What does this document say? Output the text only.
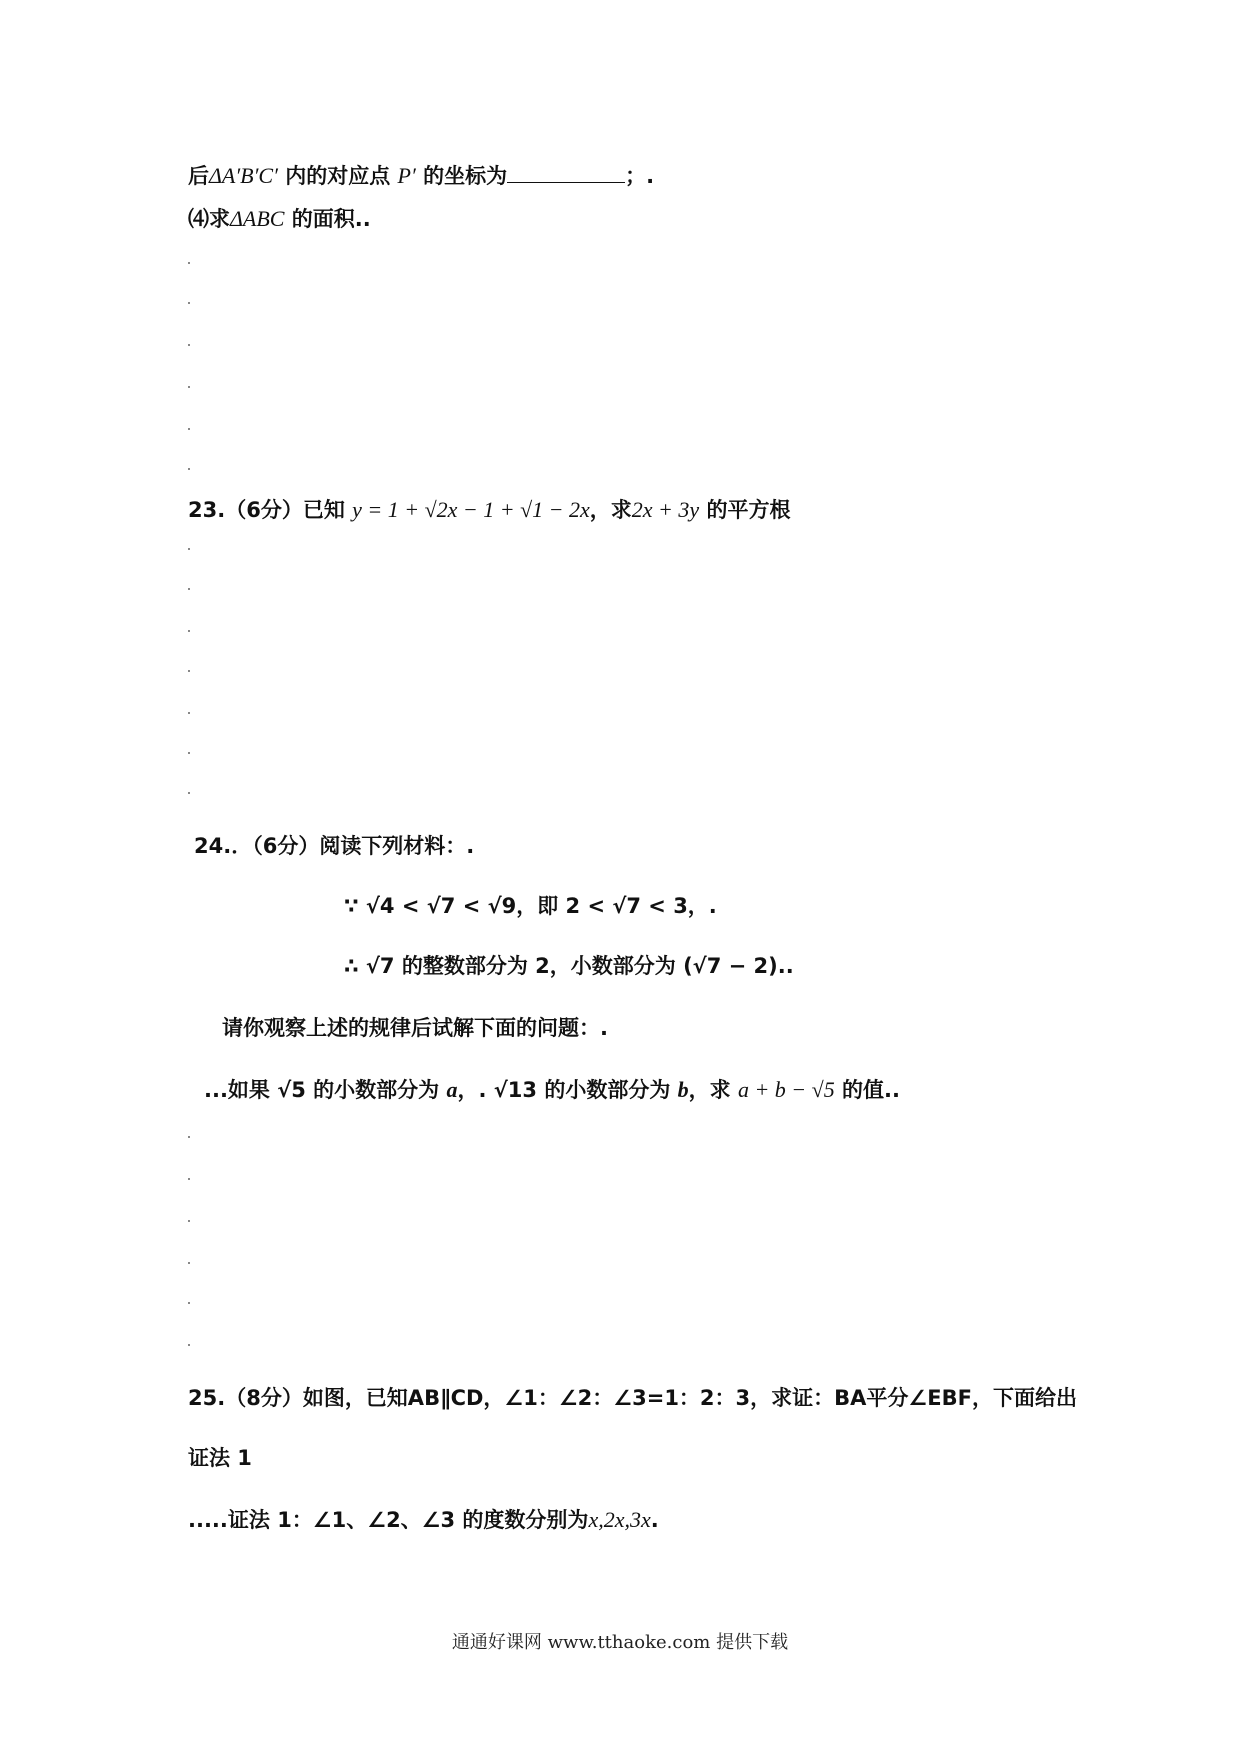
后ΔA′B′C′ 内的对应点 P′ 的坐标为	；.
⑷求ΔABC 的面积..
23.（6分）已知 y = 1 + √2x − 1 + √1 − 2x，求2x + 3y 的平方根
24.．（6分）阅读下列材料：.
∵ √4 < √7 < √9，即 2 < √7 < 3，.
∴ √7 的整数部分为 2，小数部分为 (√7 − 2)..
请你观察上述的规律后试解下面的问题：.
...如果 √5 的小数部分为 a，. √13 的小数部分为 b，求 a + b − √5 的值..
25.（8分）如图，已知AB∥CD，∠1：∠2：∠3=1：2：3，求证：BA平分∠EBF，下面给出
证法 1
.....证法 1：∠1、∠2、∠3 的度数分别为x,2x,3x.
通通好课网 www.tthaoke.com 提供下载
